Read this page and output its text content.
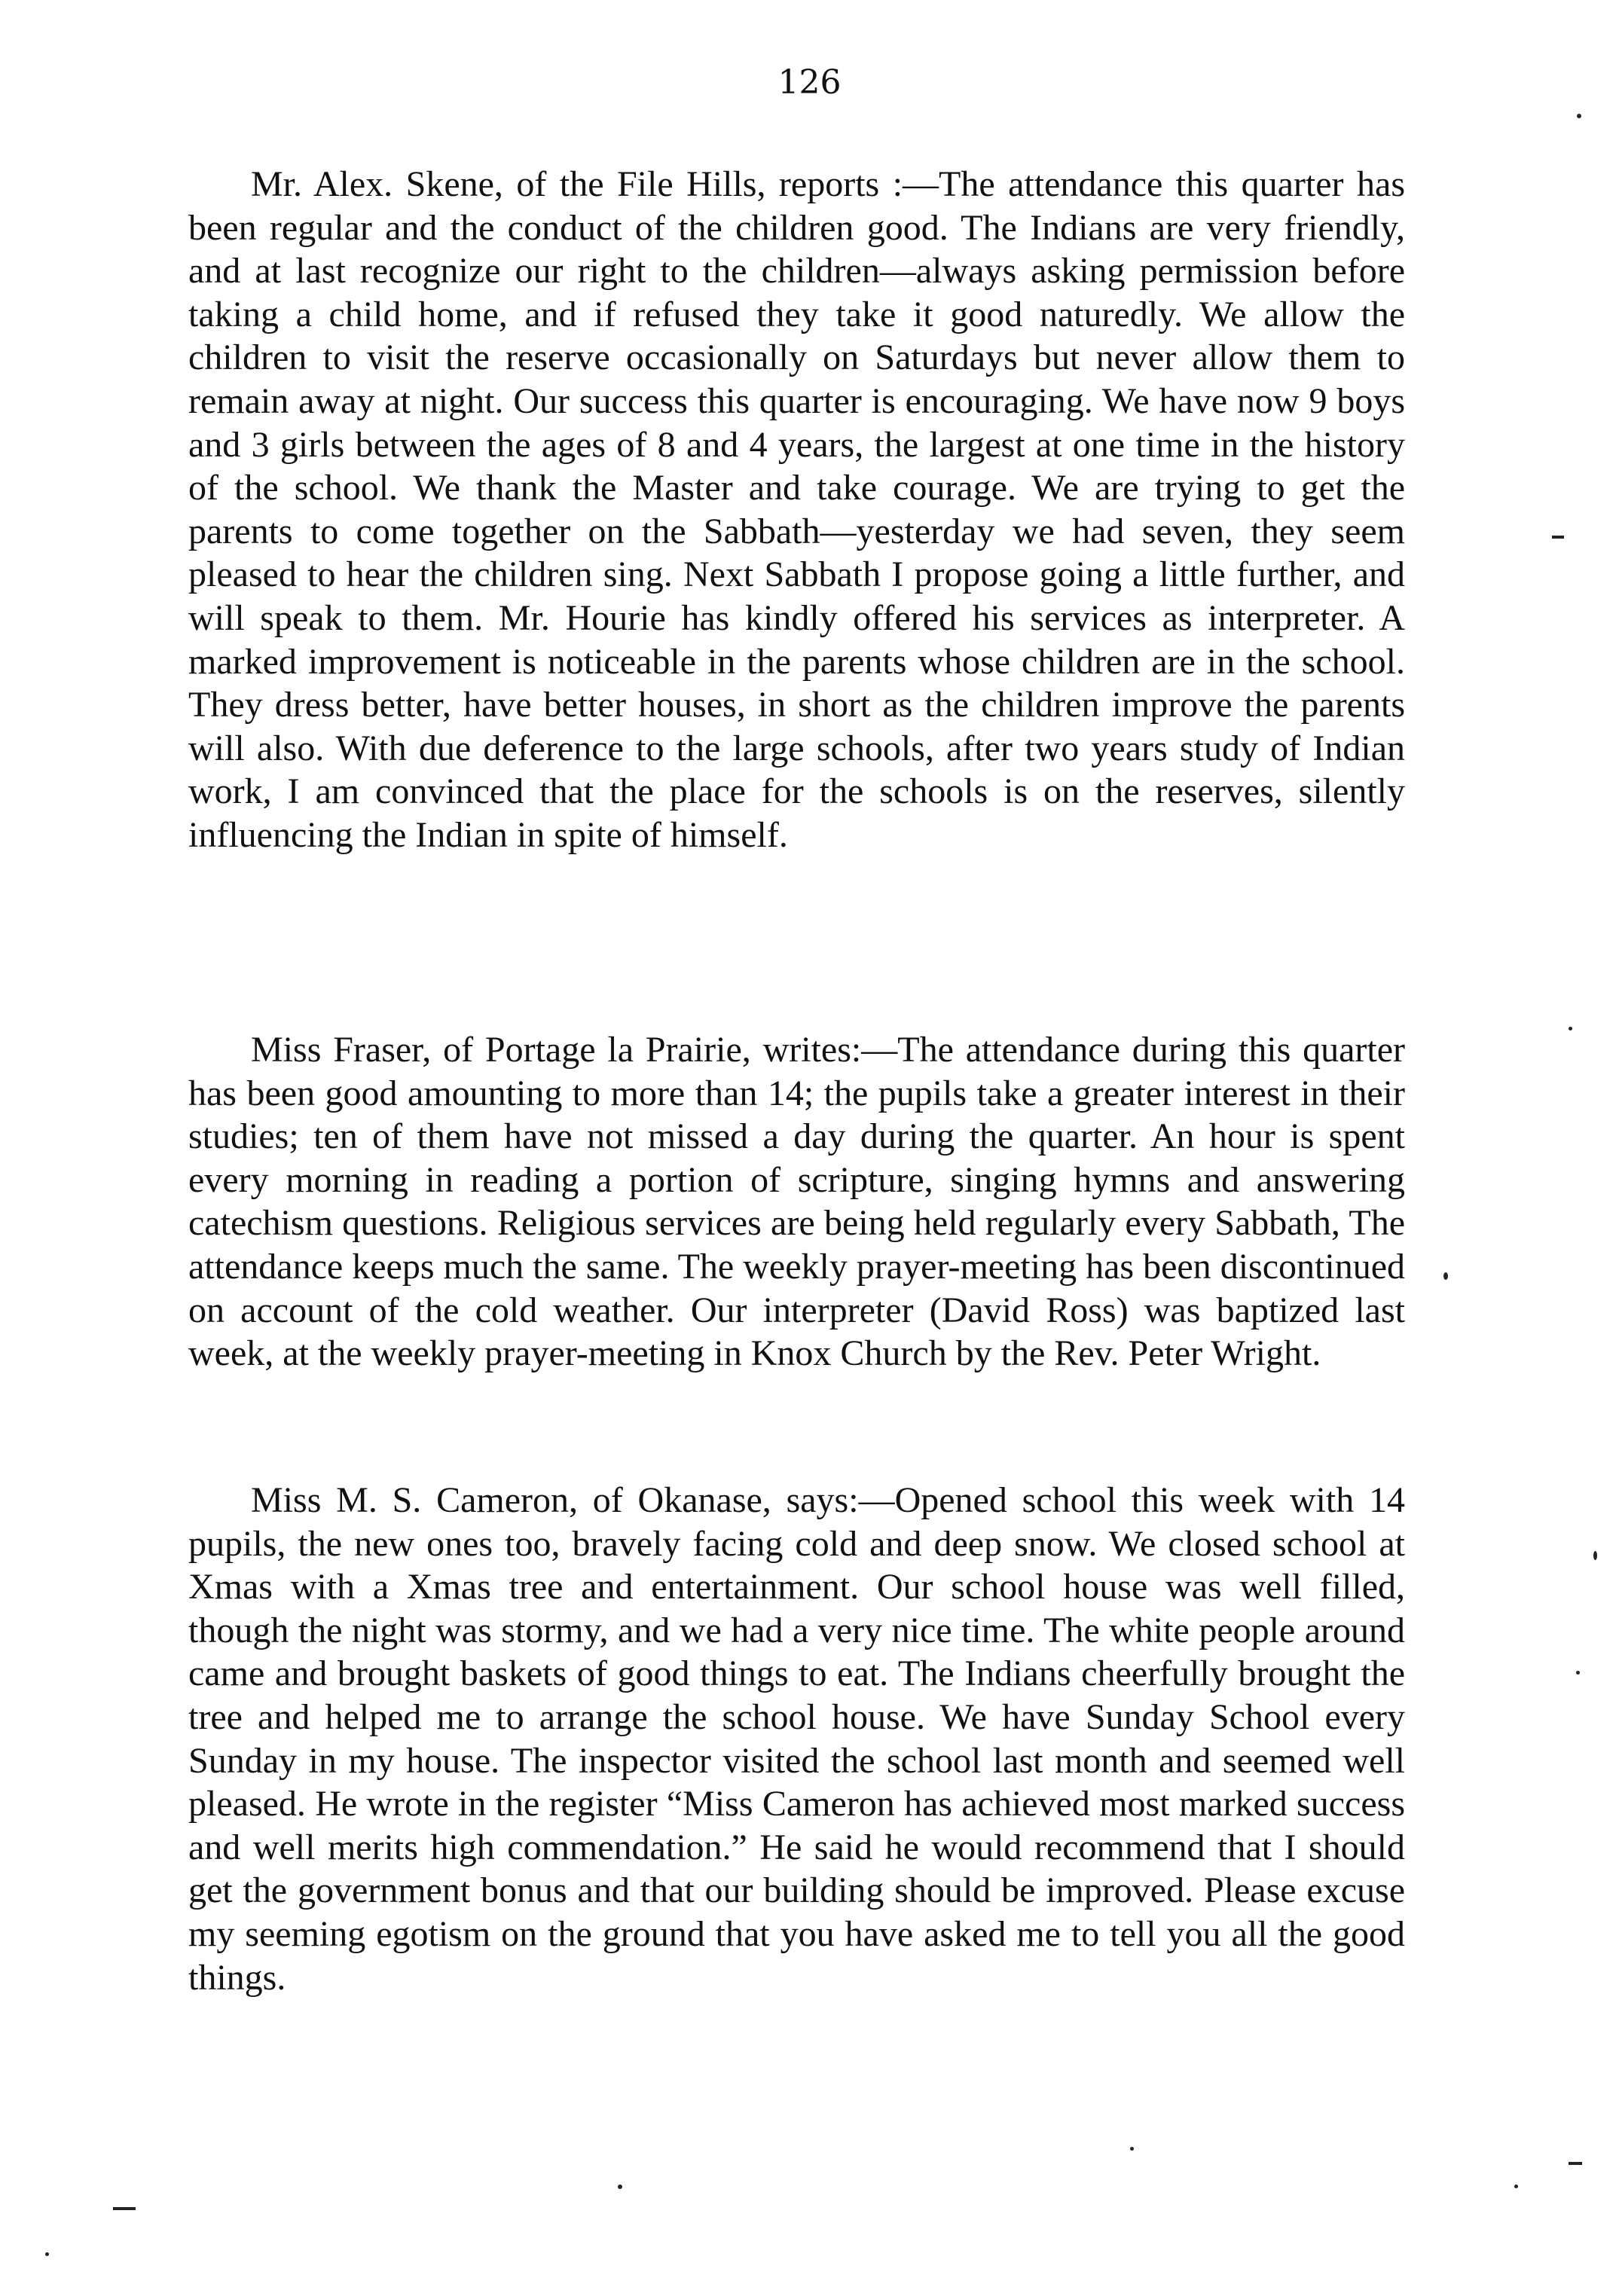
126

Mr. Alex. Skene, of the File Hills, reports :—The attendance this quarter has been regular and the conduct of the children good. The Indians are very friendly, and at last recognize our right to the children—always asking permission before taking a child home, and if refused they take it good naturedly. We allow the children to visit the reserve occasionally on Saturdays but never allow them to remain away at night. Our success this quarter is encouraging. We have now 9 boys and 3 girls between the ages of 8 and 4 years, the largest at one time in the history of the school. We thank the Master and take courage. We are trying to get the parents to come together on the Sabbath—yesterday we had seven, they seem pleased to hear the children sing. Next Sabbath I propose going a little further, and will speak to them. Mr. Hourie has kindly offered his services as interpreter. A marked improvement is noticeable in the parents whose children are in the school. They dress better, have better houses, in short as the children improve the parents will also. With due deference to the large schools, after two years study of Indian work, I am convinced that the place for the schools is on the reserves, silently influencing the Indian in spite of himself.

Miss Fraser, of Portage la Prairie, writes:—The attendance during this quarter has been good amounting to more than 14; the pupils take a greater interest in their studies; ten of them have not missed a day during the quarter. An hour is spent every morning in reading a portion of scripture, singing hymns and answering catechism questions. Religious services are being held regularly every Sabbath, The attendance keeps much the same. The weekly prayer-meeting has been discontinued on account of the cold weather. Our interpreter (David Ross) was baptized last week, at the weekly prayer-meeting in Knox Church by the Rev. Peter Wright.

Miss M. S. Cameron, of Okanase, says:—Opened school this week with 14 pupils, the new ones too, bravely facing cold and deep snow. We closed school at Xmas with a Xmas tree and entertainment. Our school house was well filled, though the night was stormy, and we had a very nice time. The white people around came and brought baskets of good things to eat. The Indians cheerfully brought the tree and helped me to arrange the school house. We have Sunday School every Sunday in my house. The inspector visited the school last month and seemed well pleased. He wrote in the register “Miss Cameron has achieved most marked success and well merits high commendation.” He said he would recommend that I should get the government bonus and that our building should be improved. Please excuse my seeming egotism on the ground that you have asked me to tell you all the good things.
